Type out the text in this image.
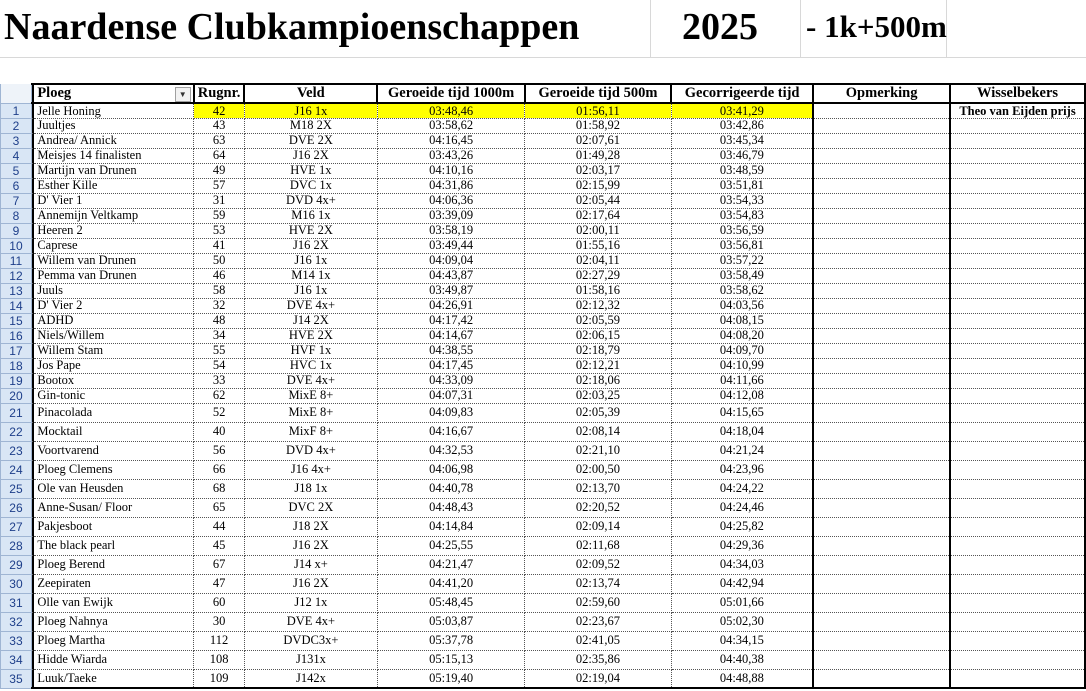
Naardense Clubkampioenschappen	2025 - 1k+500m
		Ploeg ▼	Rugnr.	Veld	Geroeide tijd 1000m	Geroeide tijd 500m	Gecorrigeerde tijd	Opmerking	Wisselbekers
1		Jelle Honing	42	J16 1x	03:48,46	01:56,11	03:41,29		Theo van Eijden prijs
2		Juultjes	43	M18 2X	03:58,62	01:58,92	03:42,86		
3		Andrea/ Annick	63	DVE 2X	04:16,45	02:07,61	03:45,34		
4		Meisjes 14 finalisten	64	J16 2X	03:43,26	01:49,28	03:46,79		
5		Martijn van Drunen	49	HVE 1x	04:10,16	02:03,17	03:48,59		
6		Esther Kille	57	DVC 1x	04:31,86	02:15,99	03:51,81		
7		D' Vier 1	31	DVD 4x+	04:06,36	02:05,44	03:54,33		
8		Annemijn Veltkamp	59	M16 1x	03:39,09	02:17,64	03:54,83		
9		Heeren 2	53	HVE 2X	03:58,19	02:00,11	03:56,59		
10		Caprese	41	J16 2X	03:49,44	01:55,16	03:56,81		
11		Willem van Drunen	50	J16 1x	04:09,04	02:04,11	03:57,22		
12		Pemma van Drunen	46	M14 1x	04:43,87	02:27,29	03:58,49		
13		Juuls	58	J16 1x	03:49,87	01:58,16	03:58,62		
14		D' Vier 2	32	DVE 4x+	04:26,91	02:12,32	04:03,56		
15		ADHD	48	J14 2X	04:17,42	02:05,59	04:08,15		
16		Niels/Willem	34	HVE 2X	04:14,67	02:06,15	04:08,20		
17		Willem Stam	55	HVF 1x	04:38,55	02:18,79	04:09,70		
18		Jos Pape	54	HVC 1x	04:17,45	02:12,21	04:10,99		
19		Bootox	33	DVE 4x+	04:33,09	02:18,06	04:11,66		
20		Gin-tonic	62	MixE 8+	04:07,31	02:03,25	04:12,08		
21		Pinacolada	52	MixE 8+	04:09,83	02:05,39	04:15,65		
22		Mocktail	40	MixF 8+	04:16,67	02:08,14	04:18,04		
23		Voortvarend	56	DVD 4x+	04:32,53	02:21,10	04:21,24		
24		Ploeg Clemens	66	J16 4x+	04:06,98	02:00,50	04:23,96		
25		Ole van Heusden	68	J18 1x	04:40,78	02:13,70	04:24,22		
26		Anne-Susan/ Floor	65	DVC 2X	04:48,43	02:20,52	04:24,46		
27		Pakjesboot	44	J18 2X	04:14,84	02:09,14	04:25,82		
28		The black pearl	45	J16 2X	04:25,55	02:11,68	04:29,36		
29		Ploeg Berend	67	J14 x+	04:21,47	02:09,52	04:34,03		
30		Zeepiraten	47	J16 2X	04:41,20	02:13,74	04:42,94		
31		Olle van Ewijk	60	J12 1x	05:48,45	02:59,60	05:01,66		
32		Ploeg Nahnya	30	DVE 4x+	05:03,87	02:23,67	05:02,30		
33		Ploeg Martha	112	DVDC3x+	05:37,78	02:41,05	04:34,15		
34		Hidde Wiarda	108	J131x	05:15,13	02:35,86	04:40,38		
35		Luuk/Taeke	109	J142x	05:19,40	02:19,04	04:48,88		
